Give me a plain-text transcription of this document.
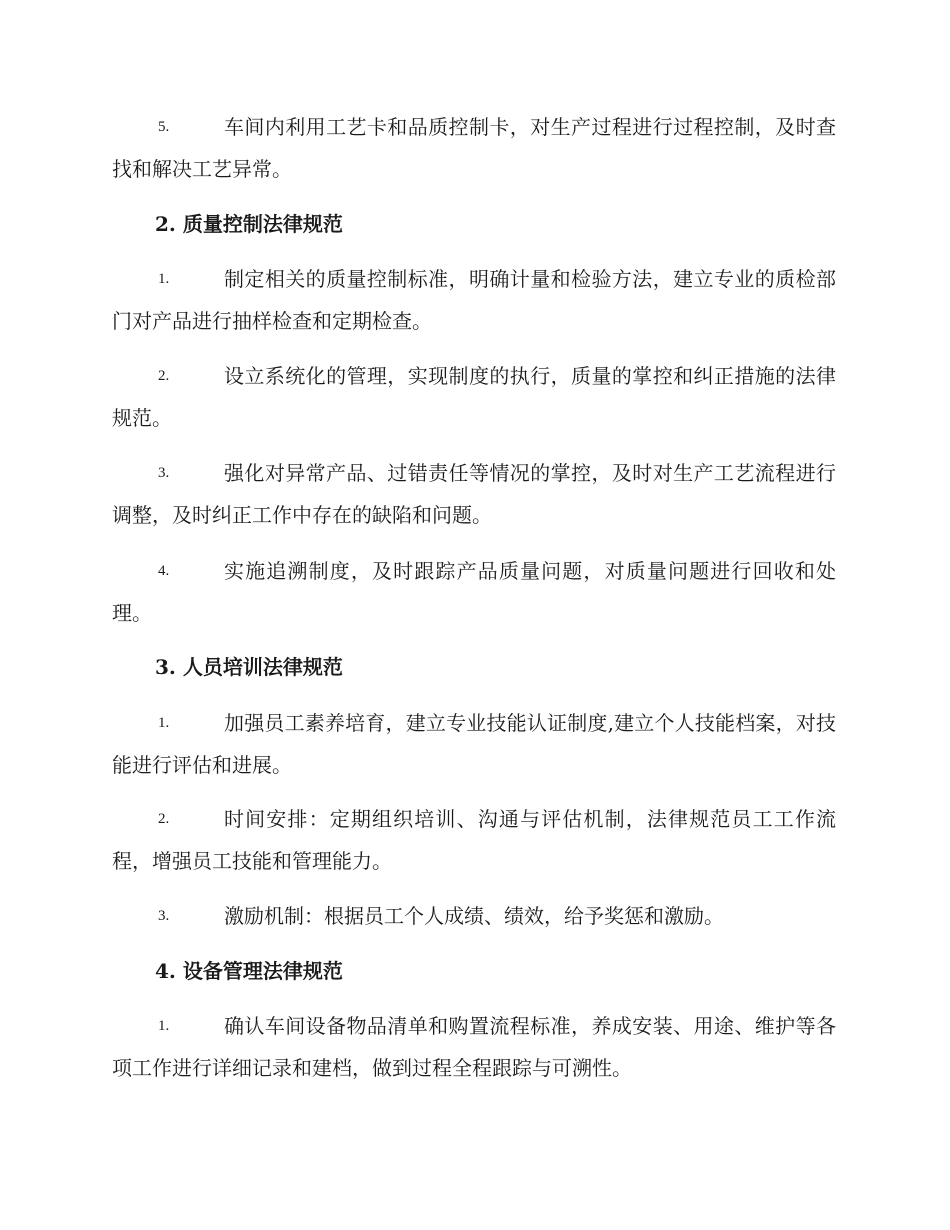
5.	车间内利用工艺卡和品质控制卡，对生产过程进行过程控制，及时查找和解决工艺异常。
2. 质量控制法律规范
1.	制定相关的质量控制标准，明确计量和检验方法，建立专业的质检部门对产品进行抽样检查和定期检查。
2.	设立系统化的管理，实现制度的执行，质量的掌控和纠正措施的法律规范。
3.	强化对异常产品、过错责任等情况的掌控，及时对生产工艺流程进行调整，及时纠正工作中存在的缺陷和问题。
4.	实施追溯制度，及时跟踪产品质量问题，对质量问题进行回收和处理。
3. 人员培训法律规范
1.	加强员工素养培育，建立专业技能认证制度,建立个人技能档案，对技能进行评估和进展。
2.	时间安排：定期组织培训、沟通与评估机制，法律规范员工工作流程，增强员工技能和管理能力。
3.	激励机制：根据员工个人成绩、绩效，给予奖惩和激励。
4. 设备管理法律规范
1.	确认车间设备物品清单和购置流程标准，养成安装、用途、维护等各项工作进行详细记录和建档，做到过程全程跟踪与可溯性。
